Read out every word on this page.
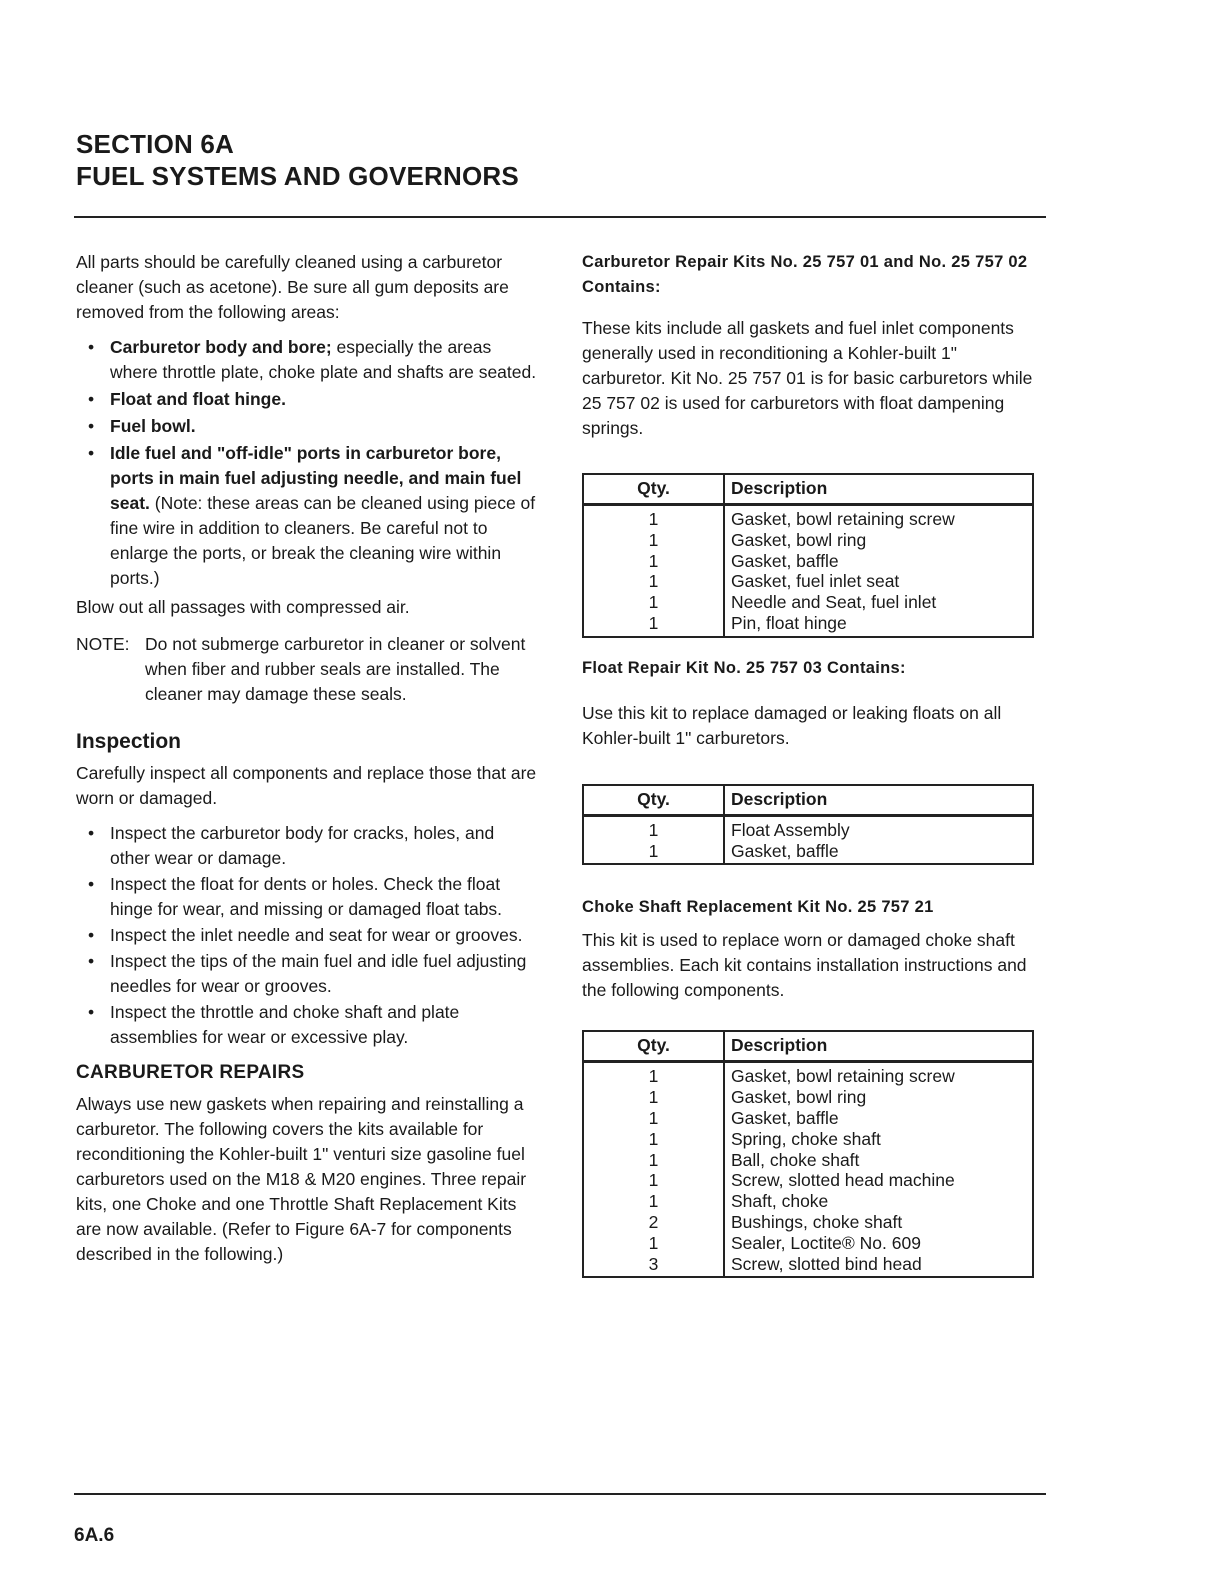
SECTION 6A
FUEL SYSTEMS AND GOVERNORS

All parts should be carefully cleaned using a carburetor cleaner (such as acetone). Be sure all gum deposits are removed from the following areas:

• Carburetor body and bore; especially the areas where throttle plate, choke plate and shafts are seated.
• Float and float hinge.
• Fuel bowl.
• Idle fuel and "off-idle" ports in carburetor bore, ports in main fuel adjusting needle, and main fuel seat. (Note: these areas can be cleaned using piece of fine wire in addition to cleaners. Be careful not to enlarge the ports, or break the cleaning wire within ports.)

Blow out all passages with compressed air.

NOTE: Do not submerge carburetor in cleaner or solvent when fiber and rubber seals are installed. The cleaner may damage these seals.
Inspection

Carefully inspect all components and replace those that are worn or damaged.

• Inspect the carburetor body for cracks, holes, and other wear or damage.
• Inspect the float for dents or holes. Check the float hinge for wear, and missing or damaged float tabs.
• Inspect the inlet needle and seat for wear or grooves.
• Inspect the tips of the main fuel and idle fuel adjusting needles for wear or grooves.
• Inspect the throttle and choke shaft and plate assemblies for wear or excessive play.
CARBURETOR REPAIRS

Always use new gaskets when repairing and reinstalling a carburetor. The following covers the kits available for reconditioning the Kohler-built 1" venturi size gasoline fuel carburetors used on the M18 & M20 engines. Three repair kits, one Choke and one Throttle Shaft Replacement Kits are now available. (Refer to Figure 6A-7 for components described in the following.)

Carburetor Repair Kits No. 25 757 01 and No. 25 757 02 Contains:

These kits include all gaskets and fuel inlet components generally used in reconditioning a Kohler-built 1" carburetor. Kit No. 25 757 01 is for basic carburetors while 25 757 02 is used for carburetors with float dampening springs.

Qty.	Description
1	Gasket, bowl retaining screw
1	Gasket, bowl ring
1	Gasket, baffle
1	Gasket, fuel inlet seat
1	Needle and Seat, fuel inlet
1	Pin, float hinge

Float Repair Kit No. 25 757 03 Contains:

Use this kit to replace damaged or leaking floats on all Kohler-built 1" carburetors.

Qty.	Description
1	Float Assembly
1	Gasket, baffle

Choke Shaft Replacement Kit No. 25 757 21

This kit is used to replace worn or damaged choke shaft assemblies. Each kit contains installation instructions and the following components.

Qty.	Description
1	Gasket, bowl retaining screw
1	Gasket, bowl ring
1	Gasket, baffle
1	Spring, choke shaft
1	Ball, choke shaft
1	Screw, slotted head machine
1	Shaft, choke
2	Bushings, choke shaft
1	Sealer, Loctite® No. 609
3	Screw, slotted bind head
6A.6
